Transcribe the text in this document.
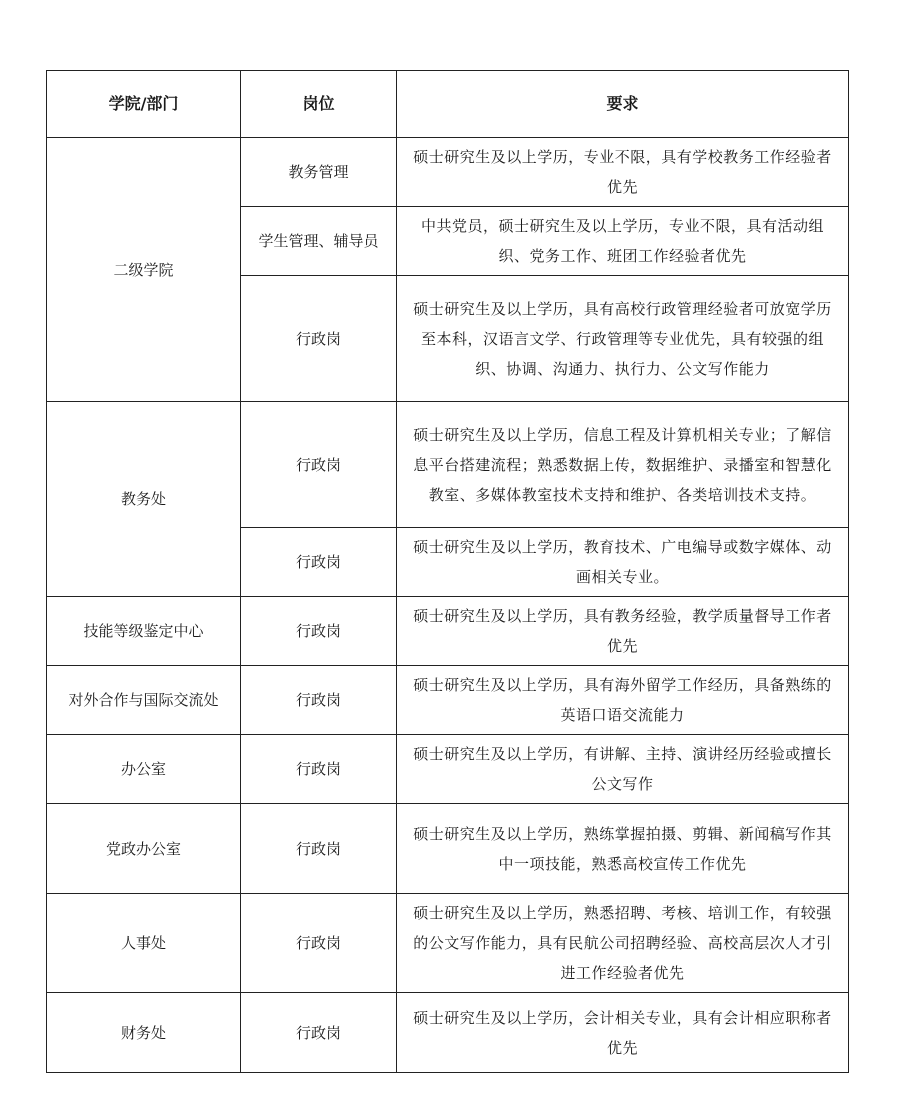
学院/部门	岗位	要求
二级学院	教务管理	硕士研究生及以上学历，专业不限，具有学校教务工作经验者优先
	学生管理、辅导员	中共党员，硕士研究生及以上学历，专业不限，具有活动组织、党务工作、班团工作经验者优先
	行政岗	硕士研究生及以上学历，具有高校行政管理经验者可放宽学历至本科，汉语言文学、行政管理等专业优先，具有较强的组织、协调、沟通力、执行力、公文写作能力
教务处	行政岗	硕士研究生及以上学历，信息工程及计算机相关专业；了解信息平台搭建流程；熟悉数据上传，数据维护、录播室和智慧化教室、多媒体教室技术支持和维护、各类培训技术支持。
	行政岗	硕士研究生及以上学历，教育技术、广电编导或数字媒体、动画相关专业。
技能等级鉴定中心	行政岗	硕士研究生及以上学历，具有教务经验，教学质量督导工作者优先
对外合作与国际交流处	行政岗	硕士研究生及以上学历，具有海外留学工作经历，具备熟练的英语口语交流能力
办公室	行政岗	硕士研究生及以上学历，有讲解、主持、演讲经历经验或擅长公文写作
党政办公室	行政岗	硕士研究生及以上学历，熟练掌握拍摄、剪辑、新闻稿写作其中一项技能，熟悉高校宣传工作优先
人事处	行政岗	硕士研究生及以上学历，熟悉招聘、考核、培训工作，有较强的公文写作能力，具有民航公司招聘经验、高校高层次人才引进工作经验者优先
财务处	行政岗	硕士研究生及以上学历，会计相关专业，具有会计相应职称者优先
